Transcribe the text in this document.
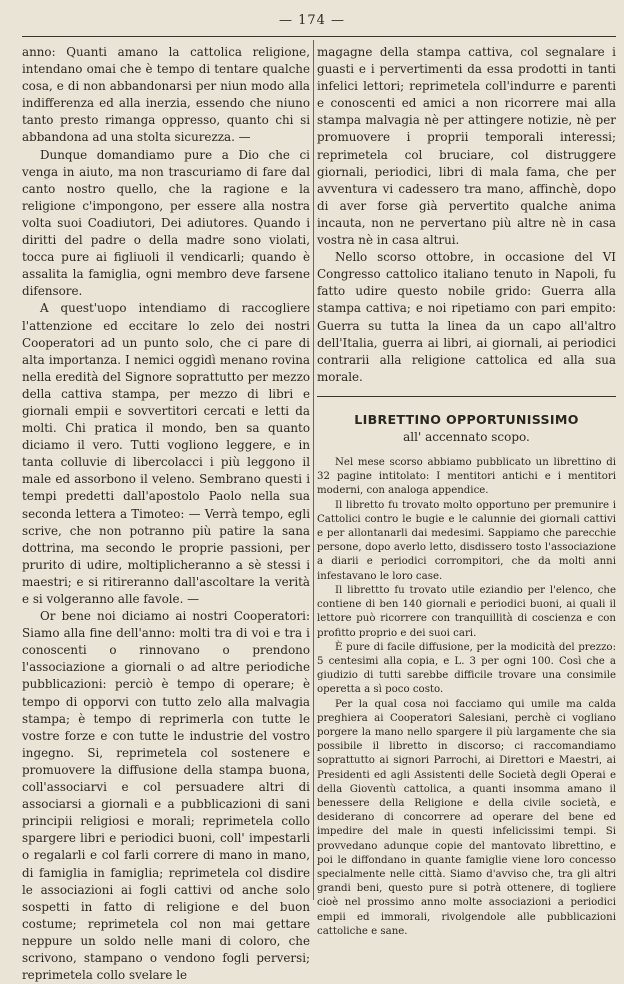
— 174 —

anno: Quanti amano la cattolica religione, intendano omai che è tempo di tentare qualche cosa, e di non abbandonarsi per niun modo alla indifferenza ed alla inerzia, essendo che niuno tanto presto rimanga oppresso, quanto chi si abbandona ad una stolta sicurezza. —

Dunque domandiamo pure a Dio che ci venga in aiuto, ma non trascuriamo di fare dal canto nostro quello, che la ragione e la religione c'impongono, per essere alla nostra volta suoi Coadiutori, Dei adiutores. Quando i diritti del padre o della madre sono violati, tocca pure ai figliuoli il vendicarli; quando è assalita la famiglia, ogni membro deve farsene difensore.

A quest'uopo intendiamo di raccogliere l'attenzione ed eccitare lo zelo dei nostri Cooperatori ad un punto solo, che ci pare di alta importanza. I nemici oggidì menano rovina nella eredità del Signore soprattutto per mezzo della cattiva stampa, per mezzo di libri e giornali empii e sovvertitori cercati e letti da molti. Chi pratica il mondo, ben sa quanto diciamo il vero. Tutti vogliono leggere, e in tanta colluvie di libercolacci i più leggono il male ed assorbono il veleno. Sembrano questi i tempi predetti dall'apostolo Paolo nella sua seconda lettera a Timoteo: — Verrà tempo, egli scrive, che non potranno più patire la sana dottrina, ma secondo le proprie passioni, per prurito di udire, moltiplicheranno a sè stessi i maestri; e si ritireranno dall'ascoltare la verità e si volgeranno alle favole. —

Or bene noi diciamo ai nostri Cooperatori: Siamo alla fine dell'anno: molti tra di voi e tra i conoscenti o rinnovano o prendono l'associazione a giornali o ad altre periodiche pubblicazioni: perciò è tempo di operare; è tempo di opporvi con tutto zelo alla malvagia stampa; è tempo di reprimerla con tutte le vostre forze e con tutte le industrie del vostro ingegno. Si, reprimetela col sostenere e promuovere la diffusione della stampa buona, coll'associarvi e col persuadere altri di associarsi a giornali e a pubblicazioni di sani principii religiosi e morali; reprimetela collo spargere libri e periodici buoni, coll' impestarli o regalarli e col farli correre di mano in mano, di famiglia in famiglia; reprimetela col disdire le associazioni ai fogli cattivi od anche solo sospetti in fatto di religione e del buon costume; reprimetela col non mai gettare neppure un soldo nelle mani di coloro, che scrivono, stampano o vendono fogli perversi; reprimetela collo svelare le

magagne della stampa cattiva, col segnalare i guasti e i pervertimenti da essa prodotti in tanti infelici lettori; reprimetela coll'indurre e parenti e conoscenti ed amici a non ricorrere mai alla stampa malvagia nè per attingere notizie, nè per promuovere i proprii temporali interessi; reprimetela col bruciare, col distruggere giornali, periodici, libri di mala fama, che per avventura vi cadessero tra mano, affinchè, dopo di aver forse già pervertito qualche anima incauta, non ne pervertano più altre nè in casa vostra nè in casa altrui.

Nello scorso ottobre, in occasione del VI Congresso cattolico italiano tenuto in Napoli, fu fatto udire questo nobile grido: Guerra alla stampa cattiva; e noi ripetiamo con pari empito: Guerra su tutta la linea da un capo all'altro dell'Italia, guerra ai libri, ai giornali, ai periodici contrarii alla religione cattolica ed alla sua morale.

LIBRETTINO OPPORTUNISSIMO
all' accennato scopo.

Nel mese scorso abbiamo pubblicato un librettino di 32 pagine intitolato: I mentitori antichi e i mentitori moderni, con analoga appendice.

Il libretto fu trovato molto opportuno per premunire i Cattolici contro le bugie e le calunnie dei giornali cattivi e per allontanarli dai medesimi. Sappiamo che parecchie persone, dopo averlo letto, disdissero tosto l'associazione a diarii e periodici corrompitori, che da molti anni infestavano le loro case.

Il librettto fu trovato utile eziandio per l'elenco, che contiene di ben 140 giornali e periodici buoni, ai quali il lettore può ricorrere con tranquillità di coscienza e con profitto proprio e dei suoi cari.

È pure di facile diffusione, per la modicità del prezzo: 5 centesimi alla copia, e L. 3 per ogni 100. Così che a giudizio di tutti sarebbe difficile trovare una consimile operetta a sì poco costo.

Per la qual cosa noi facciamo qui umile ma calda preghiera ai Cooperatori Salesiani, perchè ci vogliano porgere la mano nello spargere il più largamente che sia possibile il libretto in discorso; ci raccomandiamo soprattutto ai signori Parrochi, ai Direttori e Maestri, ai Presidenti ed agli Assistenti delle Società degli Operai e della Gioventù cattolica, a quanti insomma amano il benessere della Religione e della civile società, e desiderano di concorrere ad operare del bene ed impedire del male in questi infelicissimi tempi. Si provvedano adunque copie del mantovato librettino, e poi le diffondano in quante famiglie viene loro concesso specialmente nelle città. Siamo d'avviso che, tra gli altri grandi beni, questo pure si potrà ottenere, di togliere cioè nel prossimo anno molte associazioni a periodici empii ed immorali, rivolgendole alle pubblicazioni cattoliche e sane.
